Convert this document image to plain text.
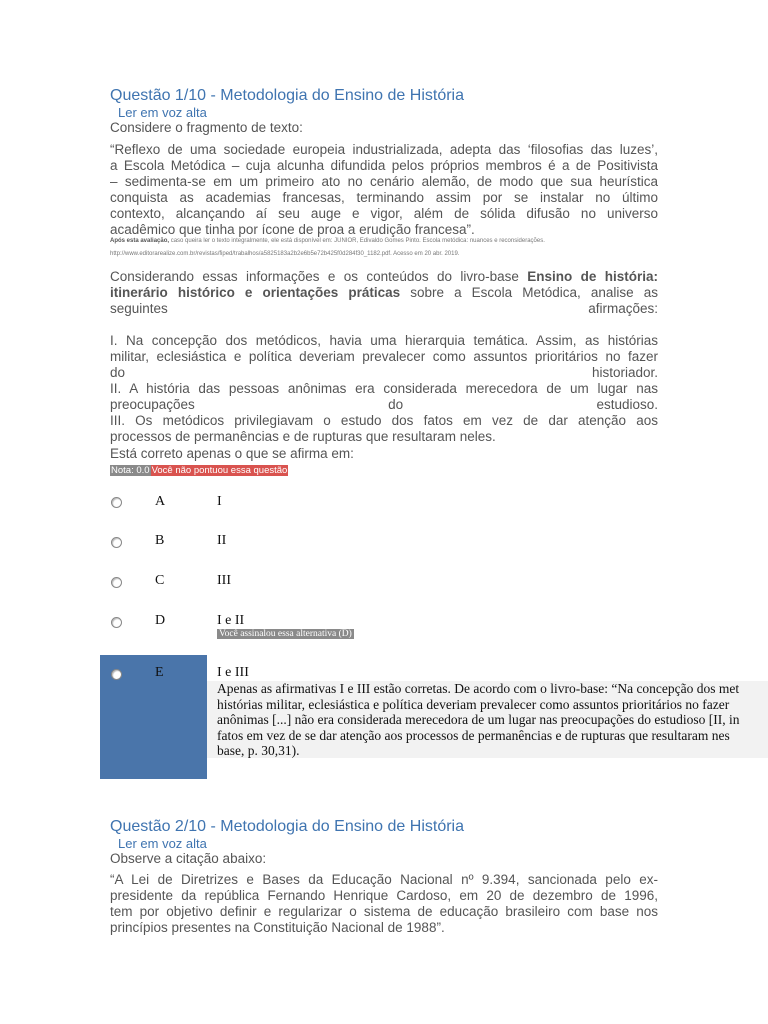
Questão 1/10 - Metodologia do Ensino de História
Ler em voz alta
Considere o fragmento de texto:
“Reflexo de uma sociedade europeia industrializada, adepta das ‘filosofias das luzes’,
a Escola Metódica – cuja alcunha difundida pelos próprios membros é a de Positivista
– sedimenta-se em um primeiro ato no cenário alemão, de modo que sua heurística
conquista as academias francesas, terminando assim por se instalar no último
contexto, alcançando aí seu auge e vigor, além de sólida difusão no universo
acadêmico que tinha por ícone de proa a erudição francesa”.
Após esta avaliação, caso queira ler o texto integralmente, ele está disponível em: JUNIOR, Edivaldo Gomes Pinto. Escola metódica: nuances e reconsiderações.
http://www.editorarealize.com.br/revistas/fiped/trabalhos/a5825183a2b2e6b5e72b425f0d284f30_1182.pdf. Acesso em 20 abr. 2019.
Considerando essas informações e os conteúdos do livro-base Ensino de história:
itinerário histórico e orientações práticas sobre a Escola Metódica, analise as
seguintes	afirmações:
I. Na concepção dos metódicos, havia uma hierarquia temática. Assim, as histórias
militar, eclesiástica e política deveriam prevalecer como assuntos prioritários no fazer
do	historiador.
II. A história das pessoas anônimas era considerada merecedora de um lugar nas
preocupações	do	estudioso.
III. Os metódicos privilegiavam o estudo dos fatos em vez de dar atenção aos
processos de permanências e de rupturas que resultaram neles.
Está correto apenas o que se afirma em:
Nota: 0.0 Você não pontuou essa questão
A	I
B	II
C	III
D	I e II
Você assinalou essa alternativa (D)
E	I e III
Apenas as afirmativas I e III estão corretas. De acordo com o livro-base: “Na concepção dos met
histórias militar, eclesiástica e política deveriam prevalecer como assuntos prioritários no fazer
anônimas [...] não era considerada merecedora de um lugar nas preocupações do estudioso [II, in
fatos em vez de se dar atenção aos processos de permanências e de rupturas que resultaram nes
base, p. 30,31).
Questão 2/10 - Metodologia do Ensino de História
Ler em voz alta
Observe a citação abaixo:
“A Lei de Diretrizes e Bases da Educação Nacional nº 9.394, sancionada pelo ex-
presidente da república Fernando Henrique Cardoso, em 20 de dezembro de 1996,
tem por objetivo definir e regularizar o sistema de educação brasileiro com base nos
princípios presentes na Constituição Nacional de 1988”.
